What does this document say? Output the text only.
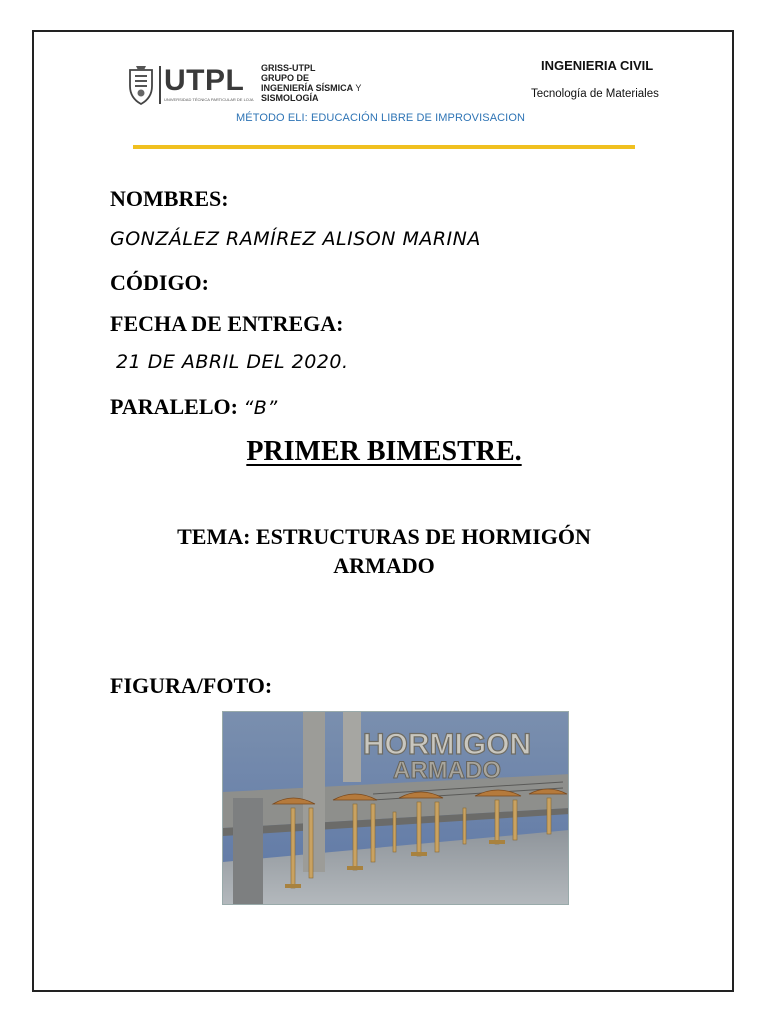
UTPL
UNIVERSIDAD TÉCNICA PARTICULAR DE LOJA
GRISS-UTPL
GRUPO DE
INGENIERÍA SÍSMICA Y
SISMOLOGÍA
INGENIERIA CIVIL
Tecnología de Materiales
MÉTODO ELI: EDUCACIÓN LIBRE DE IMPROVISACION
NOMBRES:
GONZÁLEZ RAMÍREZ ALISON MARINA
CÓDIGO:
FECHA DE ENTREGA:
21 DE ABRIL DEL 2020.
PARALELO: “B”
PRIMER BIMESTRE.
TEMA: ESTRUCTURAS DE HORMIGÓN
ARMADO
FIGURA/FOTO:
HORMIGON
ARMADO
